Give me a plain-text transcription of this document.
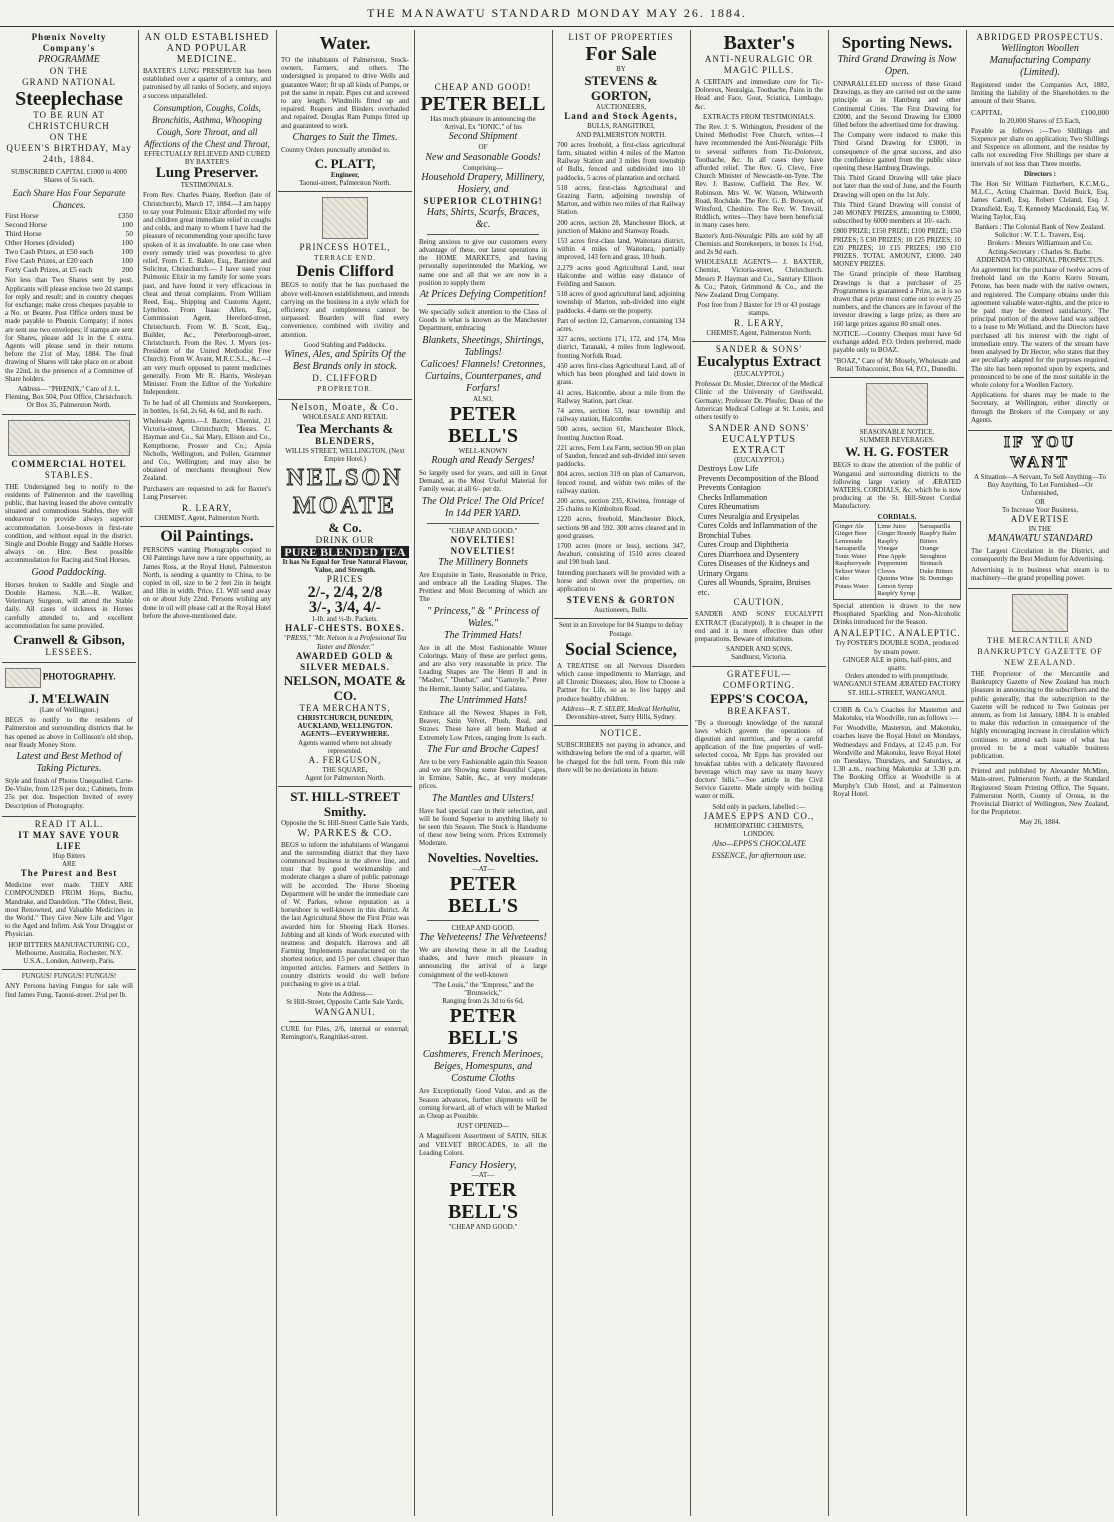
THE MANAWATU STANDARD MONDAY MAY 26. 1884.
Phœnix Novelty Company's
PROGRAMME
ON THE
GRAND NATIONAL
Steeplechase
TO BE RUN AT
CHRISTCHURCH
ON THE
QUEEN'S BIRTHDAY, May 24th, 1884.
SUBSCRIBED CAPITAL £1000 in 4000 Shares of 5s each.
Each Share Has Four Separate Chances.
First Horse	£350
Second Horse	100
Third Horse	50
Other Horses (divided)	100
Two Cash Prizes, at £50 each	100
Five Cash Prizes, at £20 each	100
Forty Cash Prizes, at £5 each	200
Not less than Two Shares sent by post. Applicants will please enclose two 2d stamps for reply and result; and in country cheques for exchange; make cross cheques payable to a No. or Bearer. Post Office orders must be made payable to Phœnix Company; if notes are sent use two envelopes; if stamps are sent for Shares, please add 1s in the £ extra. Agents will please send in their returns before the 21st of May, 1884. The final drawing of Shares will take place on or about the 22nd, in the presence of a Committee of Share holders.
Address— "PHŒNIX," Care of J. L. Fleming, Box 504, Post Office, Christchurch. Or Box 35, Palmerston North.
COMMERCIAL HOTEL
STABLES.
THE Undersigned beg to notify to the residents of Palmerston and the travelling public, that having leased the above centrally situated and commodious Stables, they will endeavour to provide always superior accommodation. Loose-boxes in first-rate condition, and without equal in the district. Single and Double Buggy and Saddle Horses always on Hire. Best possible accommodation for Racing and Stud Horses.
Good Paddocking.
Horses broken to Saddle and Single and Double Harness. N.B.—R. Walker, Veterinary Surgeon, will attend the Stable daily. All cases of sickness in Horses carefully attended to, and excellent accommodation for same provided.
Cranwell & Gibson,
LESSEES.
PHOTOGRAPHY.
J. M'ELWAIN
(Late of Wellington.)
BEGS to notify to the residents of Palmerston and surrounding districts that he has opened as above in Collinson's old shop, near Ready Money Store.
Latest and Best Method of Taking Pictures.
Style and finish of Photos Unequalled. Carte-De-Visite, from 12/6 per doz.; Cabinets, from 25s per doz. Inspection Invited of every Description of Photography.
READ IT ALL.
IT MAY SAVE YOUR LIFE
Hop Bitters
ARE
The Purest and Best
Medicine ever made. THEY ARE COMPOUNDED FROM Hops, Buchu, Mandrake, and Dandelion. "The Oldest, Best, most Renowned, and Valuable Medicines in the World." They Give New Life and Vigor to the Aged and Infirm. Ask Your Druggist or Physician.
HOP BITTERS MANUFACTURING CO., Melbourne, Australia, Rochester, N.Y. U.S.A., London, Antwerp, Paris.
FUNGUS! FUNGUS! FUNGUS!
ANY Persons having Fungus for sale will find James Fung, Taonui-street. 2½d per lb.
AN OLD ESTABLISHED AND POPULAR MEDICINE.
BAXTER'S LUNG PRESERVER has been established over a quarter of a century, and patronised by all ranks of Society, and enjoys a success unparalleled.
Consumption, Coughs, Colds, Bronchitis, Asthma, Whooping Cough, Sore Throat, and all Affections of the Chest and Throat,
EFFECTUALLY RELIEVED AND CURED BY BAXTER'S
Lung Preserver.
TESTIMONIALS.
From Rev. Charles Puany, Reefton (late of Christchurch), March 17, 1884.—I am happy to say your Pulmonic Elixir afforded my wife and children great immediate relief in coughs and colds, and many to whom I have had the pleasure of recommending your specific have spoken of it as invaluable. In one case when every remedy tried was powerless to give relief. From C. E. Baker, Esq., Barrister and Solicitor, Christchurch.— I have used your Pulmonic Elixir in my family for some years past, and have found it very efficacious in cheat and throat complaints. From William Reed, Esq., Shipping and Customs Agent, Lyttelton. From Isaac Allen, Esq., Commission Agent, Hereford-street, Christchurch. From W. B. Scott, Esq., Builder, &c., Peterborough-street, Christchurch. From the Rev. J. Myers (ex-President of the United Methodist Free Church). From W. Avant, M.R.C.S.L., &c.—I am very much opposed to patent medicines generally. From Mr R. Harris, Wesleyan Minister. From the Editor of the Yorkshire Independent.
To be had of all Chemists and Storekeepers, in bottles, 1s 6d, 2s 6d, 4s 6d, and 8s each.
Wholesale Agents.—J. Baxter, Chemist, 21 Victoria-street, Christchurch; Messrs. C. Hayman and Co., Sai Mary, Ellison and Co., Kempthorne, Prosser and Co.; Apsia Nicholls, Wellington, and Pollen, Grammer and Co., Wellington; and may also be obtained of merchants throughout New Zealand.
Purchasers are requested to ask for Baxter's Lung Preserver.
R. LEARY,
CHEMIST, Agent, Palmerston North.
Oil Paintings.
PERSONS wanting Photographs copied to Oil Paintings have now a rare opportunity, as James Ross, at the Royal Hotel, Palmerston North, is sending a quantity to China, to be copied in oil, size to be 2 feet 2in in height and 18in in width. Price, £1. Will send away on or about July 22nd. Persons wishing any done in oil will please call at the Royal Hotel before the above-mentioned date.
Water.
TO the inhabitants of Palmerston, Stock-owners, Farmers, and others. The undersigned is prepared to drive Wells and guarantee Water; fit up all kinds of Pumps, or put the same in repair. Pipes cut and screwed to any length. Windmills fitted up and repaired. Reapers and Binders overhauled and repaired. Douglas Ram Pumps fitted up and guaranteed to work.
Charges to Suit the Times.
Country Orders punctually attended to.
C. PLATT,
Engineer,
Taonui-street, Palmerston North.
PRINCESS HOTEL,
TERRACE END.
Denis Clifford
BEGS to notify that he has purchased the above well-known establishment, and intends carrying on the business in a style which for efficiency and completeness cannot be surpassed. Boarders will find every convenience, combined with civility and attention.
Good Stabling and Paddocks.
Wines, Ales, and Spirits Of the Best Brands only in stock.
D. CLIFFORD
PROPRIETOR.
Nelson, Moate, & Co.
WHOLESALE AND RETAIL
Tea Merchants &
BLENDERS,
WILLIS STREET, WELLINGTON, (Next Empire Hotel.)
NELSON
MOATE
& Co.
DRINK OUR
PURE BLENDED TEA
It has No Equal for True Natural Flavour, Value, and Strength.
PRICES
2/-, 2/4, 2/8
3/-, 3/4, 4/-
1-lb. and ½-lb. Packets.
HALF-CHESTS. BOXES.
"PRESS," "Mr. Nelson is a Professional Tea Taster and Blender."
AWARDED GOLD & SILVER MEDALS.
NELSON, MOATE & CO.
TEA MERCHANTS,
CHRISTCHURCH, DUNEDIN, AUCKLAND, WELLINGTON.
AGENTS—EVERYWHERE.
Agents wanted where not already represented.
A. FERGUSON,
THE SQUARE,
Agent for Palmerston North.
ST. HILL-STREET Smithy.
Opposite the St. Hill-Street Cattle Sale Yards,
W. PARKES & CO.
BEGS to inform the inhabitants of Wanganui and the surrounding district that they have commenced business in the above line, and trust that by good workmanship and moderate charges a share of public patronage will be accorded. The Horse Shoeing Department will be under the immediate care of W. Parkes, whose reputation as a horseshoer is well-known in this district. At the last Agricultural Show the First Prize was awarded him for Shoeing Hack Horses. Jobbing and all kinds of Work executed with neatness and despatch. Harrows and all Farming Implements manufactured on the shortest notice, and 15 per cent. cheaper than imported articles. Farmers and Settlers in country districts would do well before purchasing to give us a trial.
Note the Address—
St Hill-Street, Opposite Cattle Sale Yards,
WANGANUI.
CURE for Piles, 2/6, internal or external; Remington's, Rangitikei-street.
CHEAP AND GOOD!
PETER BELL
Has much pleasure in announcing the Arrival, Ex "IONIC," of his
Second Shipment
OF
New and Seasonable Goods!
Comprising—
Household Drapery, Millinery, Hosiery, and
SUPERIOR CLOTHING!
Hats, Shirts, Scarfs, Braces, &c.
Being anxious to give our customers every advantage of these, our latest operations in the HOME MARKETS, and having personally superintended the Marking, we name one and all that we are now in a position to supply them
At Prices Defying Competition!
We specially solicit attention to the Class of Goods in what is known as the Manchester Department, embracing
Blankets, Sheetings, Shirtings, Tablings!
Calicoes! Flannels! Cretonnes, Curtains, Counterpanes, and Forfars!
ALSO,
PETER BELL'S
WELL-KNOWN
Rough and Ready Serges!
So largely used for years, and still in Great Demand, as the Most Useful Material for Family wear, at all 6/- per dz.
The Old Price! The Old Price! In 14d PER YARD.
"CHEAP AND GOOD."
NOVELTIES! NOVELTIES!
The Millinery Bonnets
Are Exquisite in Taste, Reasonable in Price, and embrace all the Leading Shapes. The Prettiest and Most Becoming of which are The
" Princess," & " Princess of Wales."
The Trimmed Hats!
Are in all the Most Fashionable Winter Colorings. Many of these are perfect gems, and are also very reasonable in price. The Leading Shapes are The Henri II and in "Masher," "Dunbar," and "Garnoyle." Peter the Hermit, Jaunty Sailor, and Galatea.
The Untrimmed Hats!
Embrace all the Newest Shapes in Felt, Beaver, Satin Velvet, Plush, Real, and Straws. These have all been Marked at Extremely Low Prices, ranging from 1s each.
The Fur and Broche Capes!
Are to be very Fashionable again this Season and we are Showing some Beautiful Capes, in Ermine, Sable, &c., at very moderate prices.
The Mantles and Ulsters!
Have had special care in their selection, and will be found Superior to anything likely to be seen this Season. The Stock is Handsome of these now being worn. Prices Extremely Moderate.
Novelties. Novelties.
—AT—
PETER BELL'S
CHEAP AND GOOD.
The Velveteens! The Velveteens!
We are showing these in all the Leading shades, and have much pleasure in announcing the arrival of a large consignment of the well-known
"The Louis," the "Empress," and the "Brunswick,"
Ranging from 2s 3d to 6s 6d,
PETER BELL'S
Cashmeres, French Merinoes, Beiges, Homespuns, and Costume Cloths
Are Exceptionally Good Value, and as the Season advances, further shipments will be coming forward, all of which will be Marked as Cheap as Possible.
JUST OPENED—
A Magnificent Assortment of SATIN, SILK and VELVET BROCADES, in all the Leading Colors.
Fancy Hosiery,
—AT—
PETER BELL'S
"CHEAP AND GOOD."
LIST OF PROPERTIES
For Sale
BY
STEVENS & GORTON,
AUCTIONEERS,
Land and Stock Agents,
BULLS, RANGITIKEI,
AND PALMERSTON NORTH.
700 acres freehold, a first-class agricultural farm, situated within 4 miles of the Marton Railway Station and 3 miles from township of Bulls, fenced and subdivided into 10 paddocks, 5 acres of plantation and orchard.
518 acres, first-class Agricultural and Grazing Farm, adjoining township of Marton, and within two miles of that Railway Station.
200 acres, section 28, Manchester Block, at junction of Makino and Stanway Roads.
153 acres first-class land, Waitotara district, within 4 miles of Waitotara, partially improved, 143 fern and grass, 10 bush.
2,279 acres good Agricultural Land, near Halcombe and within easy distance of Feilding and Sanson.
518 acres of good agricultural land, adjoining township of Marton, sub-divided into eight paddocks. 4 dams on the property.
Part of section 12, Carnarvon, containing 134 acres.
327 acres, sections 171, 172, and 174, Moa district, Taranaki, 4 miles from Inglewood, fronting Norfolk Road.
450 acres first-class Agricultural Land, all of which has been ploughed and laid down in grass.
41 acres, Halcombe, about a mile from the Railway Station, part clear.
74 acres, section 53, near township and railway station, Halcombe.
500 acres, section 61, Manchester Block, fronting Junction Road.
221 acres, Fern Lea Farm, section 90 on plan of Sandon, fenced and sub-divided into seven paddocks.
804 acres, section 319 on plan of Carnarvon, fenced round, and within two miles of the railway station.
200 acres, section 235, Kiwitea, frontage of 25 chains to Kimbolton Road.
1220 acres, freehold, Manchester Block, sections 98 and 592. 300 acres cleared and in good grasses.
1700 acres (more or less), sections 347, Awahuri, consisting of 1510 acres cleared and 190 bush land.
Intending purchasers will be provided with a horse and shown over the properties, on application to
STEVENS & GORTON
Auctioneers, Bulls.
Sent in an Envelope for 84 Stamps to defray Postage.
Social Science,
A TREATISE on all Nervous Disorders which cause impediments to Marriage, and all Chronic Diseases; also, How to Choose a Partner for Life, so as to live happy and produce healthy children.
Address—R. T. SELBY, Medical Herbalist,
Devonshire-street, Surry Hills, Sydney.
NOTICE.
SUBSCRIBERS not paying in advance, and withdrawing before the end of a quarter, will be charged for the full term. From this rule there will be no deviations in future.
Baxter's
ANTI-NEURALGIC OR MAGIC PILLS.
A CERTAIN and immediate cure for Tic-Doloreux, Neuralgia, Toothache, Pains in the Head and Face, Gout, Sciatica, Lumbago, &c.
EXTRACTS FROM TESTIMONIALS.
The Rev. J. S. Withington, President of the United Methodist Free Church, writes—I have recommended the Anti-Neuralgic Pills to several sufferers from Tic-Doloreux, Toothache, &c. In all cases they have afforded relief. The Rev. G. Cleve, Free Church Minister of Newcastle-on-Tyne. The Rev. J. Bastow, Cuffield. The Rev. W. Robinson. Mrs W. W. Watson, Whitworth Road, Rochdale. The Rev. G. B. Bowson, of Winsford, Cheshire. The Rev. W. Trevail, Riddlich, writes—They have been beneficial in many cases here.
Baxter's Anti-Neuralgic Pills are sold by all Chemists and Storekeepers, in boxes 1s 1½d, and 2s 9d each.
WHOLESALE AGENTS— J. BAXTER, Chemist, Victoria-street, Christchurch. Messrs P. Hayman and Co., Sanitary Ellison & Co.; Paton, Grimmond & Co., and the New Zealand Drug Company.
Post free from J Baxter for 19 or 43 postage stamps.
R. LEARY,
CHEMIST, Agent, Palmerston North.
SANDER & SONS'
Eucalyptus Extract
(EUCALYPTOL)
Professor Dr. Mosler, Director of the Medical Clinic of the University of Greifswald, Germany; Professor Dr. Pfeufer, Dean of the American Medical College at St. Louis, and others testify to
SANDER AND SONS'
EUCALYPTUS EXTRACT
(EUCALYPTOL)
Destroys Low Life
Prevents Decomposition of the Blood
Prevents Contagion
Checks Inflammation
Cures Rheumatism
Cures Neuralgia and Erysipelas
Cures Colds and Inflammation of the Bronchial Tubes
Cures Croup and Diphtheria
Cures Diarrhoea and Dysentery
Cures Diseases of the Kidneys and Urinary Organs
Cures all Wounds, Sprains, Bruises etc.
CAUTION.
SANDER AND SONS' EUCALYPTI EXTRACT (Eucalyptol). It is cheaper in the end and it is more effective than other preparations. Beware of imitations.
SANDER AND SONS,
Sandhurst, Victoria.
GRATEFUL—COMFORTING.
EPPS'S COCOA,
BREAKFAST.
"By a thorough knowledge of the natural laws which govern the operations of digestion and nutrition, and by a careful application of the fine properties of well-selected cocoa, Mr Epps has provided our breakfast tables with a delicately flavoured beverage which may save us many heavy doctors' bills."—See article in the Civil Service Gazette. Made simply with boiling water or milk.
Sold only in packets, labelled :—
JAMES EPPS AND CO.,
HOMŒOPATHIC CHEMISTS,
LONDON.
Also—EPPS'S CHOCOLATE ESSENCE, for afternoon use.
Sporting News.
Third Grand Drawing is Now Open.
UNPARALLELED success of these Grand Drawings, as they are carried out on the same principle as in Hamburg and other Continental Cities. The First Drawing for £2000, and the Second Drawing for £3000 filled before the advertised time for drawing.
The Company were induced to make this Third Grand Drawing for £3000, in consequence of the great success, and also the confidence gained from the public since opening these Hamburg Drawings.
This Third Grand Drawing will take place not later than the end of June, and the Fourth Drawing will open on the 1st July.
This Third Grand Drawing will consist of 240 MONEY PRIZES, amounting to £3000, subscribed by 6000 members at 10/- each.
£800 PRIZE; £150 PRIZE; £100 PRIZE; £50 PRIZES; 5 £30 PRIZES; 10 £25 PRIZES; 10 £20 PRIZES; 10 £15 PRIZES; 190 £10 PRIZES. TOTAL AMOUNT, £3000. 240 MONEY PRIZES.
The Grand principle of these Hamburg Drawings is that a purchaser of 25 Programmes is guaranteed a Prize, as it is so drawn that a prize must come out to every 25 numbers, and the chances are in favour of the investor drawing a large prize, as there are 160 large prizes against 80 small ones.
NOTICE.—Country Cheques must have 6d exchange added. P.O. Orders preferred, made payable only to BOAZ.
"BOAZ," Care of Mr Mosely, Wholesale and Retail Tobacconist, Box 64, P.O., Dunedin.
SEASONABLE NOTICE.
SUMMER BEVERAGES.
W. H. G. FOSTER
BEGS to draw the attention of the public of Wanganui and surrounding districts to the following large variety of ÆRATED WATERS, CORDIALS, &c. which he is now producing at the St. Hill-Street Cordial Manufactory.
CORDIALS.
Ginger Ale
Ginger Beer
Lemonade
Sarsaparilla
Tonic Water
Raspberryade
Seltzer Water
Cider
Potass Water
Lime Juice
Ginger Brandy
Raspb'y Vinegar
Pine Apple
Peppermint
Cloves
Quinine Wine
Lemon Syrup
Raspb'y Syrup
Sarsaparilla
Raspb'y Balm
Bitters
Orange
Stoughton
Stomach
Duke Bitters
St. Domingo
Special attention is drawn to the new Phosphated Sparkling and Non-Alcoholic Drinks introduced for the Season.
ANALEPTIC. ANALEPTIC.
Try FOSTER'S DOUBLE SODA, produced by steam power.
GINGER ALE in pints, half-pints, and quarts.
Orders attended to with promptitude.
WANGANUI STEAM ÆRATED FACTORY
ST. HILL-STREET, WANGANUI.
COBB & Co.'s Coaches for Masterton and Makotuku, via Woodville, run as follows :—
For Woodville, Masterton, and Makotuku, coaches leave the Royal Hotel on Mondays, Wednesdays and Fridays, at 12.45 p.m. For Woodville and Makotuku, leave Royal Hotel on Tuesdays, Thursdays, and Saturdays, at 1.30 a.m., reaching Makotuku at 3.30 p.m. The Booking Office at Woodville is at Murphy's Club Hotel, and at Palmerston Royal Hotel.
ABRIDGED PROSPECTUS.
Wellington Woollen Manufacturing Company (Limited).
Registered under the Companies Act, 1882, limiting the liability of the Shareholders to the amount of their Shares.
CAPITAL	£100,000
In 20,000 Shares of £5 Each,
Payable as follows :—Two Shillings and Sixpence per share on application; Two Shillings and Sixpence on allotment, and the residue by calls not exceeding Five Shillings per share at intervals of not less than Three months.
Directors :
The Hon Sir William Fitzherbert, K.C.M.G., M.L.C., Acting Chairman. David Buick, Esq. James Cattell, Esq. Robert Cleland, Esq. J. Dransfield, Esq. T. Kennedy Macdonald, Esq. W. Waring Taylor, Esq.
Bankers : The Colonial Bank of New Zealand.
Solicitor : W. T. L. Travers, Esq.
Brokers : Messrs Williamson and Co.
Acting-Secretary : Charles St. Barbe.
ADDENDA TO ORIGINAL PROSPECTUS.
An agreement for the purchase of twelve acres of freehold land on the Korro Korro Stream, Petone, has been made with the native owners, and registered. The Company obtains under this agreement valuable water-rights, and the price to be paid may be deemed satisfactory. The principal portion of the above land was subject to a lease to Mr Wolland, and the Directors have purchased all his interest with the right of immediate entry. The waters of the stream have been analysed by Dr Hector, who states that they are peculiarly adapted for the purposes required. The site has been reported upon by experts, and pronounced to be one of the most suitable in the whole colony for a Woollen Factory.
Applications for shares may be made to the Secretary, at Wellington, either directly or through the Brokers of the Company or any Agents.
IF YOU WANT
A Situation—A Servant, To Sell Anything—To Buy Anything, To Let Furnished—Or Unfurnished,
OR
To Increase Your Business,
ADVERTISE
IN THE
MANAWATU STANDARD
The Largest Circulation in the District, and consequently the Best Medium for Advertising.
Advertising is to business what steam is to machinery—the grand propelling power.
THE MERCANTILE AND BANKRUPTCY GAZETTE OF NEW ZEALAND.
THE Proprietor of the Mercantile and Bankruptcy Gazette of New Zealand has much pleasure in announcing to the subscribers and the public generally, that the subscription to the Gazette will be reduced to Two Guineas per annum, as from 1st January, 1884. It is enabled to make this reduction in consequence of the highly encouraging increase in circulation which continues to attend each issue of what has proved to be a most valuable business publication.
Printed and published by Alexander McMinn, Main-street, Palmerston North, at the Standard Registered Steam Printing Office, The Square, Palmerston North, County of Oroua, in the Provincial District of Wellington, New Zealand, for the Proprietor.
May 26, 1884.
